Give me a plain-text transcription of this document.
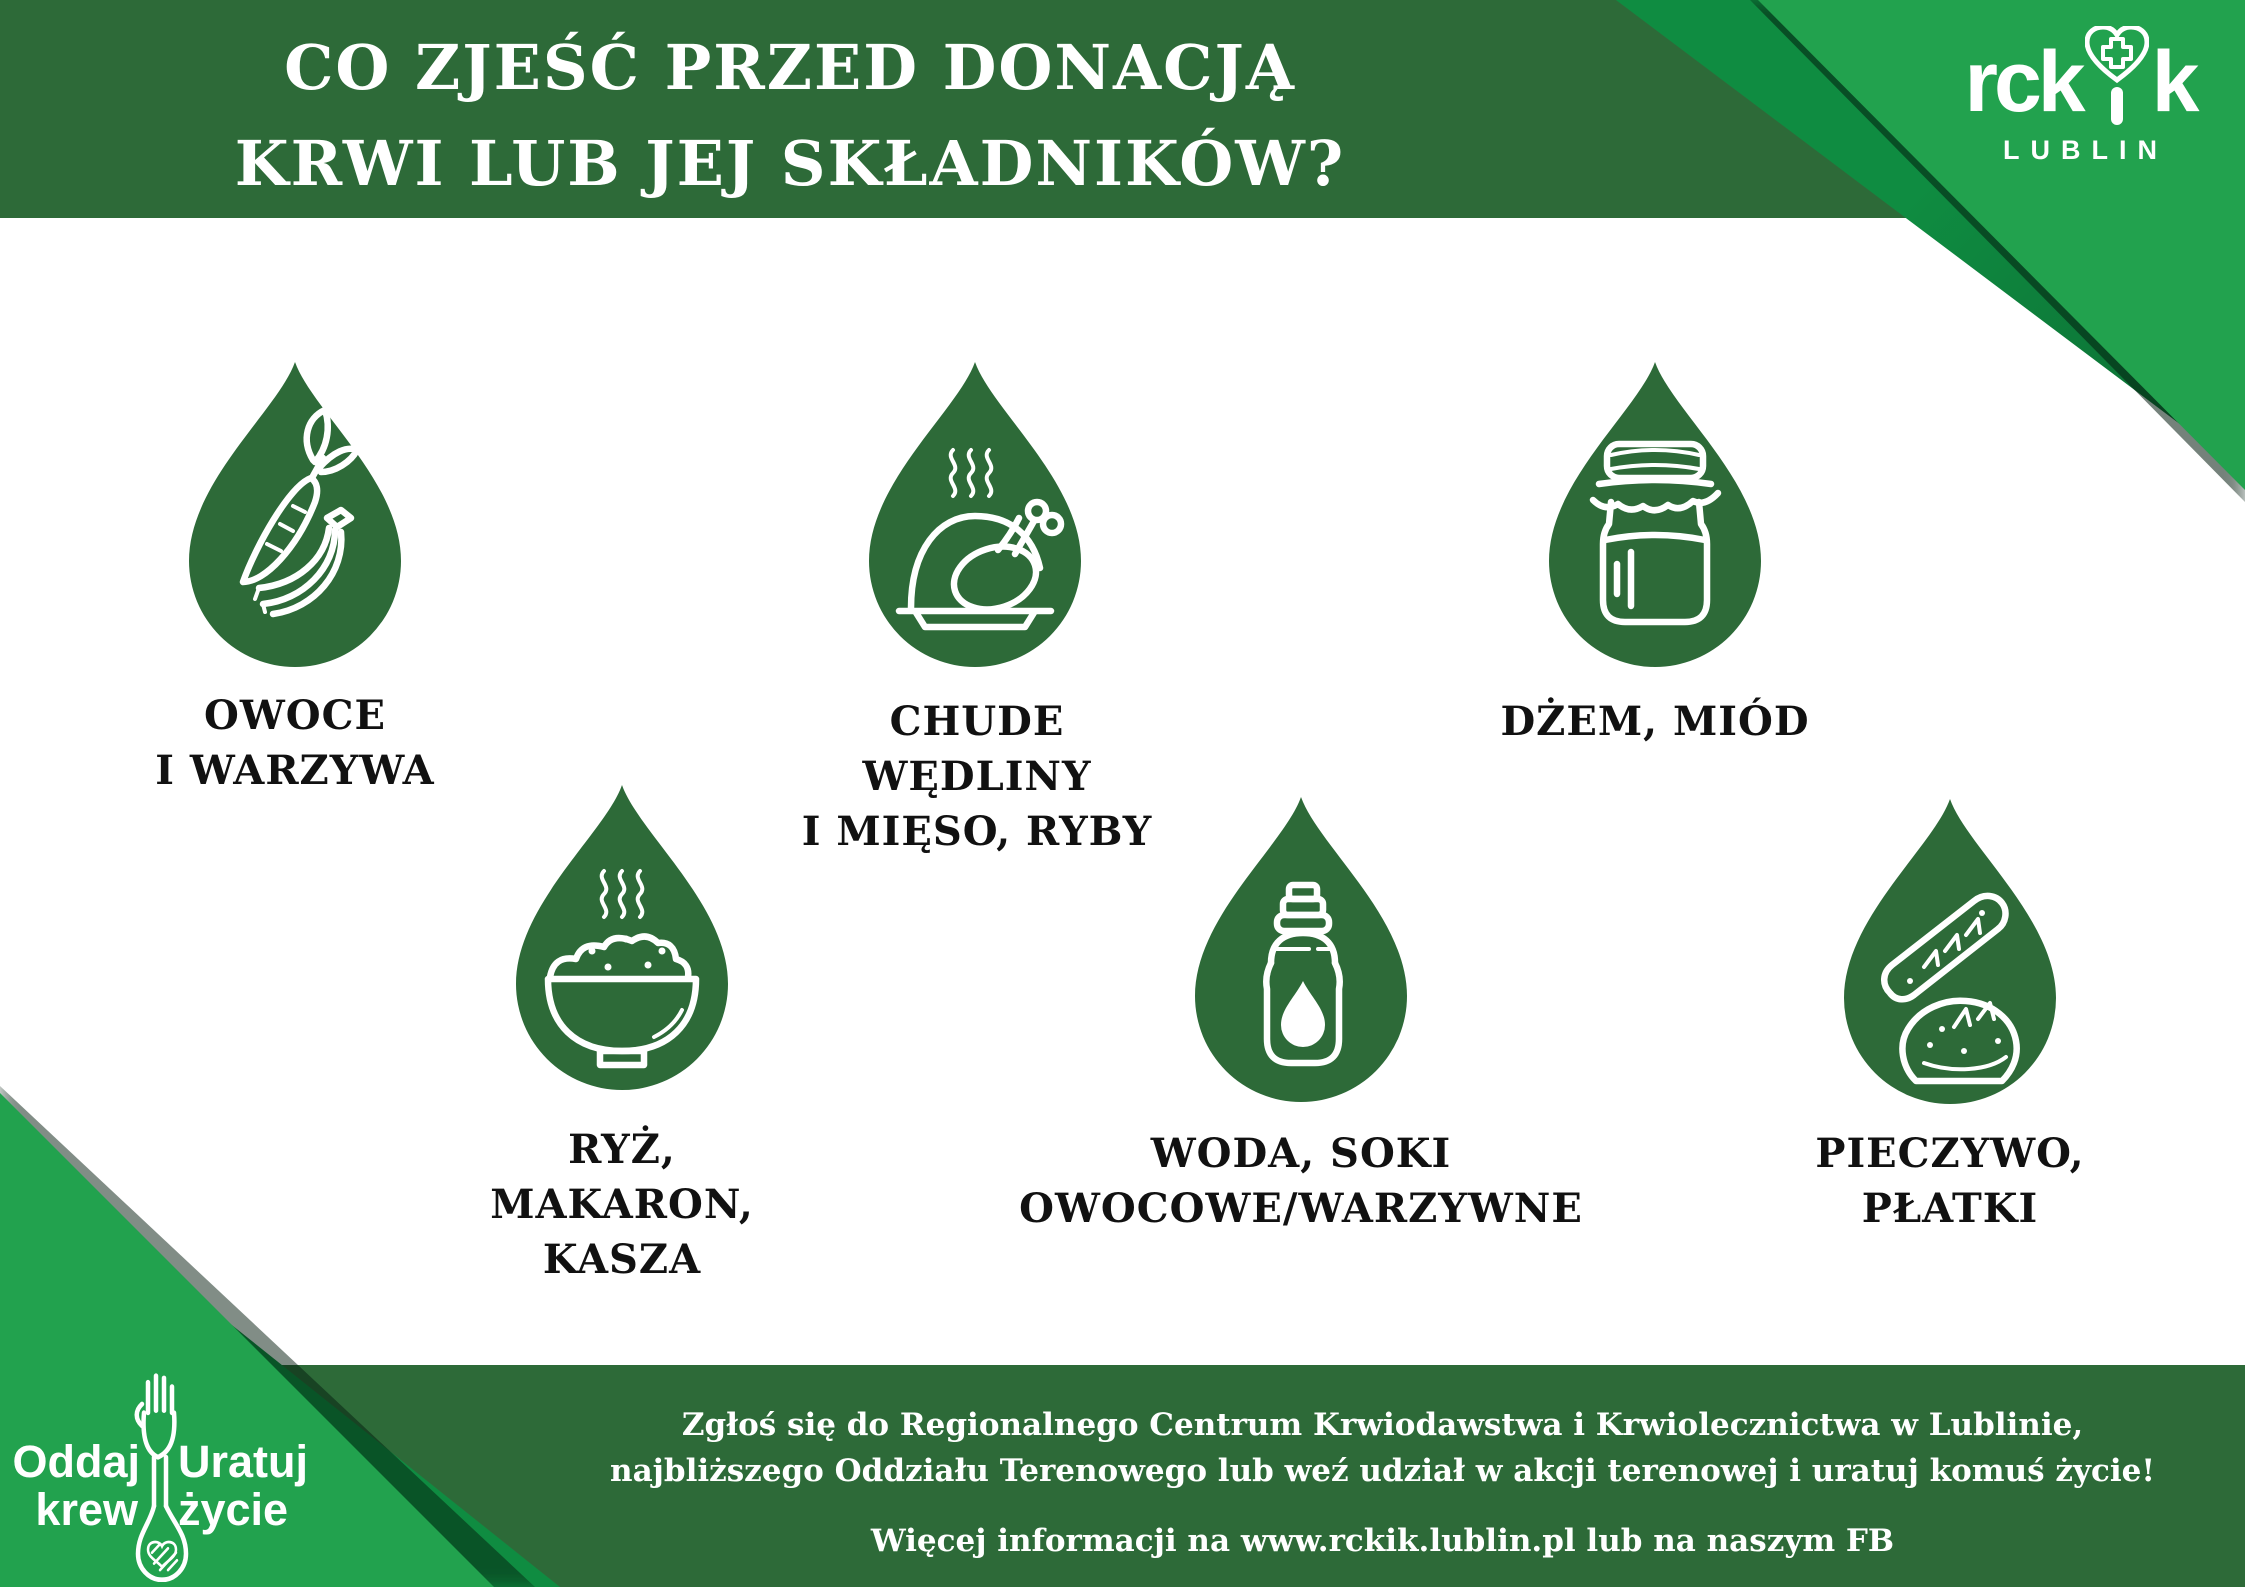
CO ZJEŚĆ PRZED DONACJĄ
KRWI LUB JEJ SKŁADNIKÓW?
rck k
LUBLIN
OWOCE
I WARZYWA
CHUDE
WĘDLINY
I MIĘSO, RYBY
DŻEM, MIÓD
RYŻ,
MAKARON,
KASZA
WODA, SOKI
OWOCOWE/WARZYWNE
PIECZYWO,
PŁATKI
Oddaj
krew
Uratuj
życie
Zgłoś się do Regionalnego Centrum Krwiodawstwa i Krwiolecznictwa w Lublinie,
najbliższego Oddziału Terenowego lub weź udział w akcji terenowej i uratuj komuś życie!
Więcej informacji na www.rckik.lublin.pl lub na naszym FB
